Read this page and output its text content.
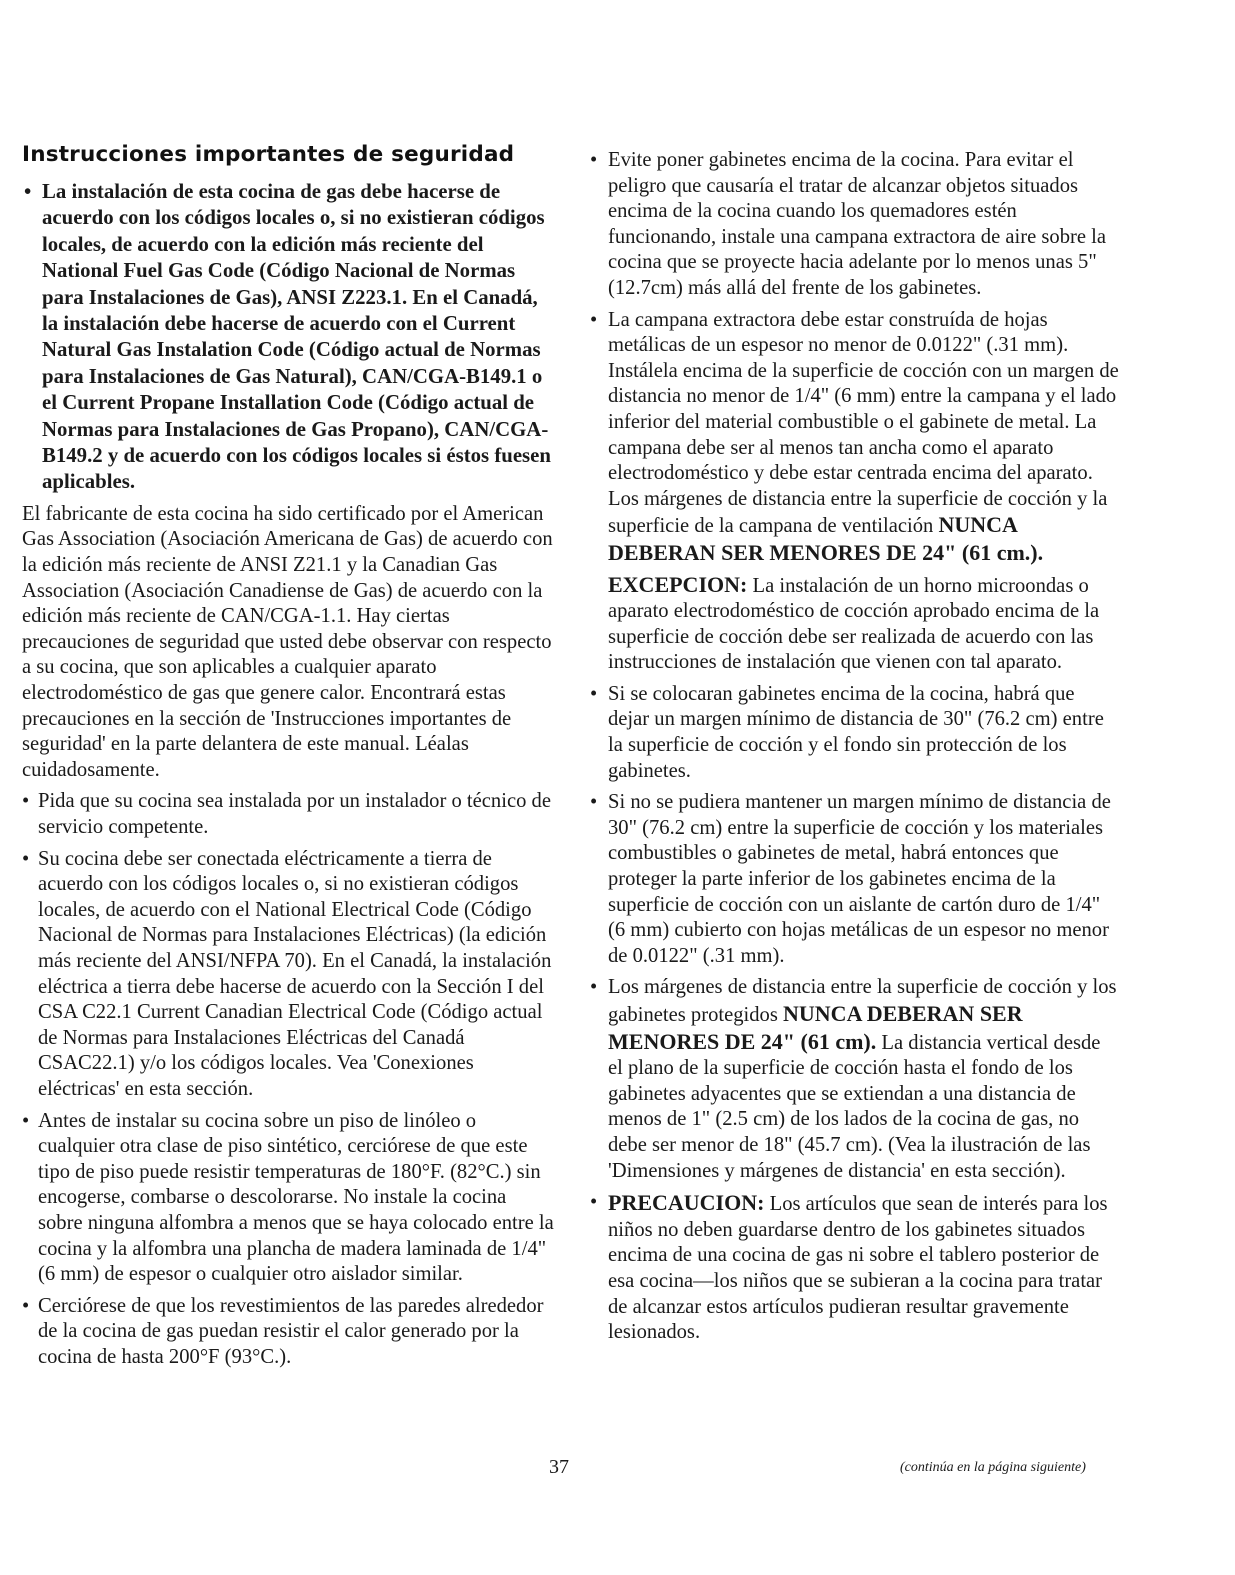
Instrucciones importantes de seguridad
• La instalación de esta cocina de gas debe hacerse de acuerdo con los códigos locales o, si no existieran códigos locales, de acuerdo con la edición más reciente del National Fuel Gas Code (Código Nacional de Normas para Instalaciones de Gas), ANSI Z223.1. En el Canadá, la instalación debe hacerse de acuerdo con el Current Natural Gas Instalation Code (Código actual de Normas para Instalaciones de Gas Natural), CAN/CGA-B149.1 o el Current Propane Installation Code (Código actual de Normas para Instalaciones de Gas Propano), CAN/CGA-B149.2 y de acuerdo con los códigos locales si éstos fuesen aplicables.

El fabricante de esta cocina ha sido certificado por el American Gas Association (Asociación Americana de Gas) de acuerdo con la edición más reciente de ANSI Z21.1 y la Canadian Gas Association (Asociación Canadiense de Gas) de acuerdo con la edición más reciente de CAN/CGA-1.1. Hay ciertas precauciones de seguridad que usted debe observar con respecto a su cocina, que son aplicables a cualquier aparato electrodoméstico de gas que genere calor. Encontrará estas precauciones en la sección de 'Instrucciones importantes de seguridad' en la parte delantera de este manual. Léalas cuidadosamente.

• Pida que su cocina sea instalada por un instalador o técnico de servicio competente.
• Su cocina debe ser conectada eléctricamente a tierra de acuerdo con los códigos locales o, si no existieran códigos locales, de acuerdo con el National Electrical Code (Código Nacional de Normas para Instalaciones Eléctricas) (la edición más reciente del ANSI/NFPA 70). En el Canadá, la instalación eléctrica a tierra debe hacerse de acuerdo con la Sección I del CSA C22.1 Current Canadian Electrical Code (Código actual de Normas para Instalaciones Eléctricas del Canadá CSAC22.1) y/o los códigos locales. Vea 'Conexiones eléctricas' en esta sección.
• Antes de instalar su cocina sobre un piso de linóleo o cualquier otra clase de piso sintético, cerciórese de que este tipo de piso puede resistir temperaturas de 180°F. (82°C.) sin encogerse, combarse o descolorarse. No instale la cocina sobre ninguna alfombra a menos que se haya colocado entre la cocina y la alfombra una plancha de madera laminada de 1/4" (6 mm) de espesor o cualquier otro aislador similar.
• Cerciórese de que los revestimientos de las paredes alrededor de la cocina de gas puedan resistir el calor generado por la cocina de hasta 200°F (93°C.).
• Evite poner gabinetes encima de la cocina. Para evitar el peligro que causaría el tratar de alcanzar objetos situados encima de la cocina cuando los quemadores estén funcionando, instale una campana extractora de aire sobre la cocina que se proyecte hacia adelante por lo menos unas 5" (12.7cm) más allá del frente de los gabinetes.
• La campana extractora debe estar construída de hojas metálicas de un espesor no menor de 0.0122" (.31 mm). Instálela encima de la superficie de cocción con un margen de distancia no menor de 1/4" (6 mm) entre la campana y el lado inferior del material combustible o el gabinete de metal. La campana debe ser al menos tan ancha como el aparato electrodoméstico y debe estar centrada encima del aparato. Los márgenes de distancia entre la superficie de cocción y la superficie de la campana de ventilación NUNCA DEBERAN SER MENORES DE 24" (61 cm.).

EXCEPCION: La instalación de un horno microondas o aparato electrodoméstico de cocción aprobado encima de la superficie de cocción debe ser realizada de acuerdo con las instrucciones de instalación que vienen con tal aparato.

• Si se colocaran gabinetes encima de la cocina, habrá que dejar un margen mínimo de distancia de 30" (76.2 cm) entre la superficie de cocción y el fondo sin protección de los gabinetes.
• Si no se pudiera mantener un margen mínimo de distancia de 30" (76.2 cm) entre la superficie de cocción y los materiales combustibles o gabinetes de metal, habrá entonces que proteger la parte inferior de los gabinetes encima de la superficie de cocción con un aislante de cartón duro de 1/4" (6 mm) cubierto con hojas metálicas de un espesor no menor de 0.0122" (.31 mm).
• Los márgenes de distancia entre la superficie de cocción y los gabinetes protegidos NUNCA DEBERAN SER MENORES DE 24" (61 cm). La distancia vertical desde el plano de la superficie de cocción hasta el fondo de los gabinetes adyacentes que se extiendan a una distancia de menos de 1" (2.5 cm) de los lados de la cocina de gas, no debe ser menor de 18" (45.7 cm). (Vea la ilustración de las 'Dimensiones y márgenes de distancia' en esta sección).
• PRECAUCION: Los artículos que sean de interés para los niños no deben guardarse dentro de los gabinetes situados encima de una cocina de gas ni sobre el tablero posterior de esa cocina—los niños que se subieran a la cocina para tratar de alcanzar estos artículos pudieran resultar gravemente lesionados.
37	(continúa en la página siguiente)
